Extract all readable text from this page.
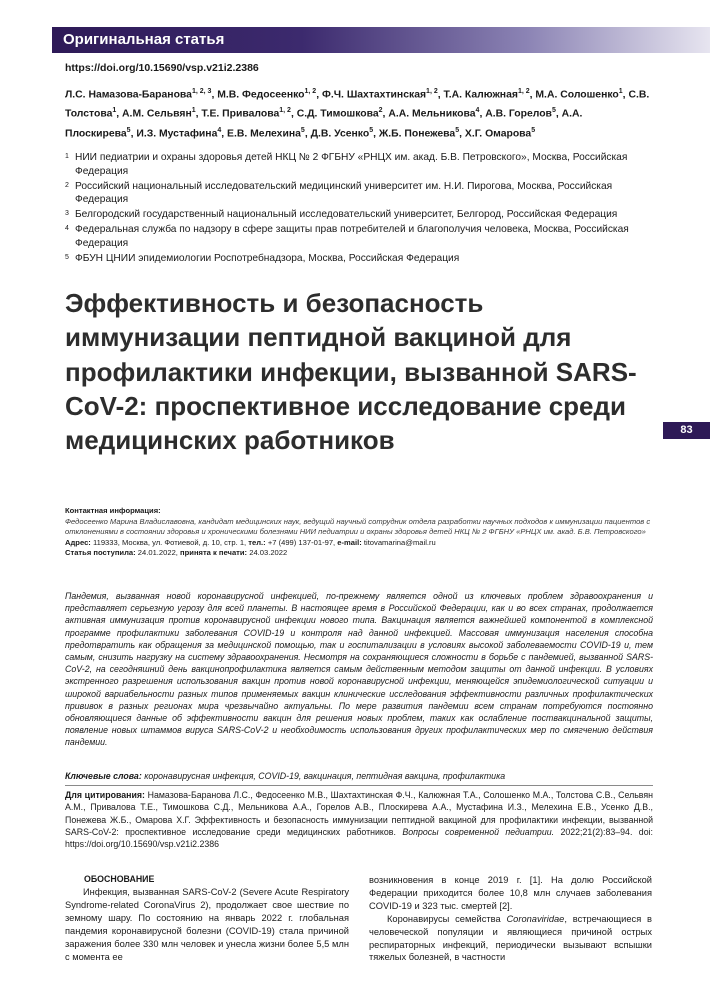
Оригинальная статья
83
https://doi.org/10.15690/vsp.v21i2.2386

Л.С. Намазова-Баранова$^{1, 2, 3}$, М.В. Федосеенко$^{1, 2}$, Ф.Ч. Шахтахтинская$^{1, 2}$, Т.А. Калюжная$^{1, 2}$, М.А. Солошенко$^1$, С.В. Толстова$^1$, А.М. Сельвян$^1$, Т.Е. Привалова$^{1, 2}$, С.Д. Тимошкова$^2$, А.А. Мельникова$^4$, А.В. Горелов$^5$, А.А. Плоскирева$^5$, И.З. Мустафина$^4$, Е.В. Мелехина$^5$, Д.В. Усенко$^5$, Ж.Б. Понежева$^5$, Х.Г. Омарова$^5$

1 НИИ педиатрии и охраны здоровья детей НКЦ № 2 ФГБНУ «РНЦХ им. акад. Б.В. Петровского», Москва, Российская Федерация
2 Российский национальный исследовательский медицинский университет им. Н.И. Пирогова, Москва, Российская Федерация
3 Белгородский государственный национальный исследовательский университет, Белгород, Российская Федерация
4 Федеральная служба по надзору в сфере защиты прав потребителей и благополучия человека, Москва, Российская Федерация
5 ФБУН ЦНИИ эпидемиологии Роспотребнадзора, Москва, Российская Федерация
Эффективность и безопасность иммунизации пептидной вакциной для профилактики инфекции, вызванной SARS-CoV-2: проспективное исследование среди медицинских работников
Контактная информация:
Федосеенко Марина Владиславовна, кандидат медицинских наук, ведущий научный сотрудник отдела разработки научных подходов к иммунизации пациентов с отклонениями в состоянии здоровья и хроническими болезнями НИИ педиатрии и охраны здоровья детей НКЦ № 2 ФГБНУ «РНЦХ им. акад. Б.В. Петровского»
Адрес: 119333, Москва, ул. Фотиевой, д. 10, стр. 1, тел.: +7 (499) 137-01-97, e-mail: titovamarina@mail.ru
Статья поступила: 24.01.2022, принята к печати: 24.03.2022

Пандемия, вызванная новой коронавирусной инфекцией, по-прежнему является одной из ключевых проблем здравоохранения и представляет серьезную угрозу для всей планеты. В настоящее время в Российской Федерации, как и во всех странах, продолжается активная иммунизация против коронавирусной инфекции нового типа. Вакцинация является важнейшей компонентой в комплексной программе профилактики заболевания COVID-19 и контроля над данной инфекцией. Массовая иммунизация населения способна предотвратить как обращения за медицинской помощью, так и госпитализации в условиях высокой заболеваемости COVID-19 и, тем самым, снизить нагрузку на систему здравоохранения. Несмотря на сохраняющиеся сложности в борьбе с пандемией, вызванной SARS-CoV-2, на сегодняшний день вакцинопрофилактика является самым действенным методом защиты от данной инфекции. В условиях экстренного разрешения использования вакцин против новой коронавирусной инфекции, меняющейся эпидемиологической ситуации и широкой вариабельности разных типов применяемых вакцин клинические исследования эффективности различных профилактических прививок в разных регионах мира чрезвычайно актуальны. По мере развития пандемии всем странам потребуются постоянно обновляющиеся данные об эффективности вакцин для решения новых проблем, таких как ослабление поствакцинальной защиты, появление новых штаммов вируса SARS-CoV-2 и необходимость использования других профилактических мер по смягчению действия пандемии.

Ключевые слова: коронавирусная инфекция, COVID-19, вакцинация, пептидная вакцина, профилактика

Для цитирования: Намазова-Баранова Л.С., Федосеенко М.В., Шахтахтинская Ф.Ч., Калюжная Т.А., Солошенко М.А., Толстова С.В., Сельвян А.М., Привалова Т.Е., Тимошкова С.Д., Мельникова А.А., Горелов А.В., Плоскирева А.А., Мустафина И.З., Мелехина Е.В., Усенко Д.В., Понежева Ж.Б., Омарова Х.Г. Эффективность и безопасность иммунизации пептидной вакциной для профилактики инфекции, вызванной SARS-CoV-2: проспективное исследование среди медицинских работников. Вопросы современной педиатрии. 2022;21(2):83–94. doi: https://doi.org/10.15690/vsp.v21i2.2386

ОБОСНОВАНИЕ

Инфекция, вызванная SARS-CoV-2 (Severe Acute Respiratory Syndrome-related CoronaVirus 2), продолжает свое шествие по земному шару. По состоянию на январь 2022 г. глобальная пандемия коронавирусной болезни (COVID-19) стала причиной заражения более 330 млн человек и унесла жизни более 5,5 млн с момента ее

возникновения в конце 2019 г. [1]. На долю Российской Федерации приходится более 10,8 млн случаев заболевания COVID-19 и 323 тыс. смертей [2].

Коронавирусы семейства Coronaviridae, встречающиеся в человеческой популяции и являющиеся причиной острых респираторных инфекций, периодически вызывают вспышки тяжелых болезней, в частности
